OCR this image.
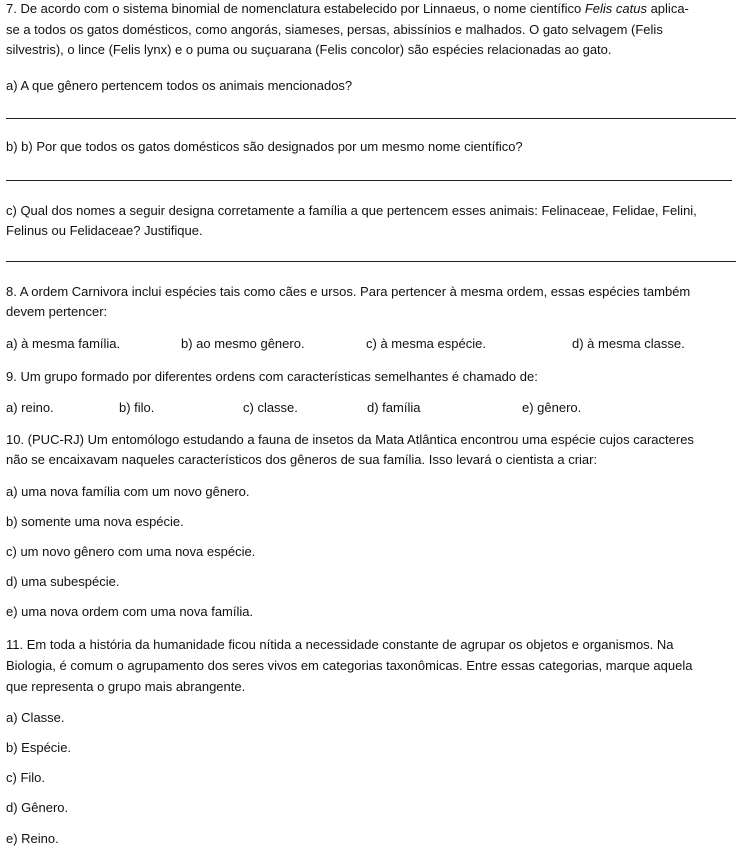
7. De acordo com o sistema binomial de nomenclatura estabelecido por Linnaeus, o nome científico Felis catus aplica-
se a todos os gatos domésticos, como angorás, siameses, persas, abissínios e malhados. O gato selvagem (Felis
silvestris), o lince (Felis lynx) e o puma ou suçuarana (Felis concolor) são espécies relacionadas ao gato.
a) A que gênero pertencem todos os animais mencionados?
b) b) Por que todos os gatos domésticos são designados por um mesmo nome científico?
c) Qual dos nomes a seguir designa corretamente a família a que pertencem esses animais: Felinaceae, Felidae, Felini,
Felinus ou Felidaceae? Justifique.
8. A ordem Carnivora inclui espécies tais como cães e ursos. Para pertencer à mesma ordem, essas espécies também
devem pertencer:
a) à mesma família.	b) ao mesmo gênero.	c) à mesma espécie.	d) à mesma classe.
9. Um grupo formado por diferentes ordens com características semelhantes é chamado de:
a) reino.	b) filo.	c) classe.	d) família	e) gênero.
10. (PUC-RJ) Um entomólogo estudando a fauna de insetos da Mata Atlântica encontrou uma espécie cujos caracteres
não se encaixavam naqueles característicos dos gêneros de sua família. Isso levará o cientista a criar:
a) uma nova família com um novo gênero.
b) somente uma nova espécie.
c) um novo gênero com uma nova espécie.
d) uma subespécie.
e) uma nova ordem com uma nova família.
11. Em toda a história da humanidade ficou nítida a necessidade constante de agrupar os objetos e organismos. Na
Biologia, é comum o agrupamento dos seres vivos em categorias taxonômicas. Entre essas categorias, marque aquela
que representa o grupo mais abrangente.
a) Classe.
b) Espécie.
c) Filo.
d) Gênero.
e) Reino.
